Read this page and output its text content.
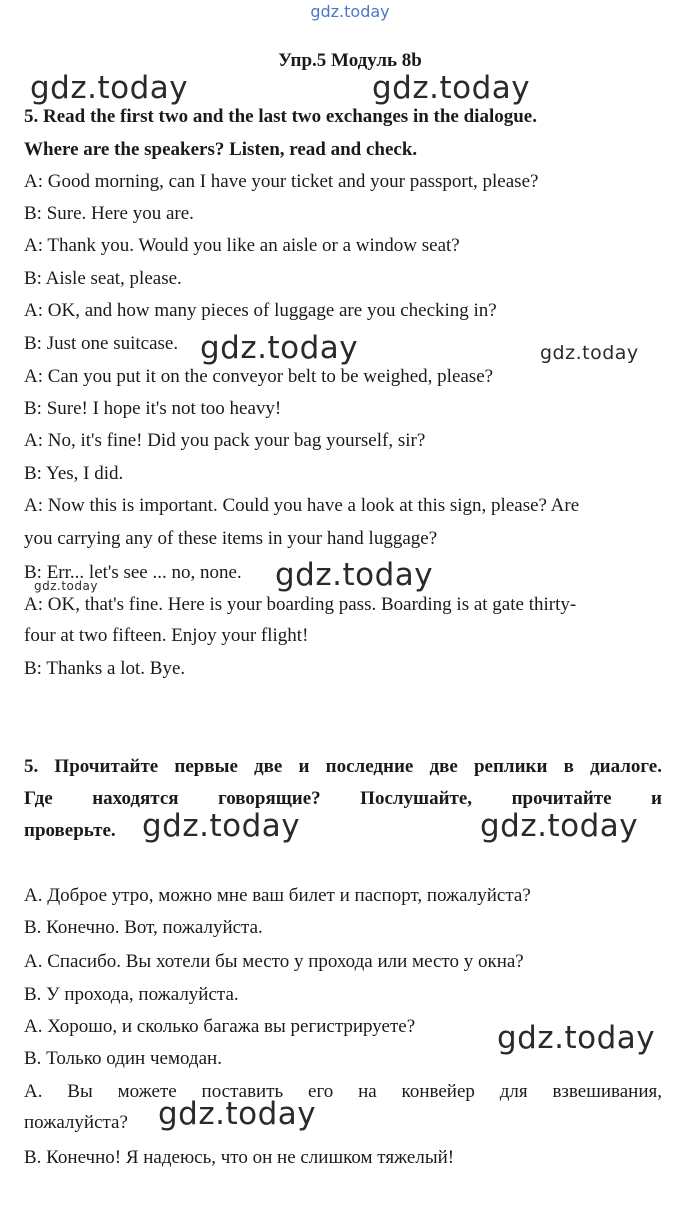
gdz.today
Упр.5 Модуль 8b
5. Read the first two and the last two exchanges in the dialogue.
Where are the speakers? Listen, read and check.
A: Good morning, can I have your ticket and your passport, please?
B: Sure. Here you are.
A: Thank you. Would you like an aisle or a window seat?
B: Aisle seat, please.
A: OK, and how many pieces of luggage are you checking in?
B: Just one suitcase.
A: Can you put it on the conveyor belt to be weighed, please?
B: Sure! I hope it's not too heavy!
A: No, it's fine! Did you pack your bag yourself, sir?
B: Yes, I did.
A: Now this is important. Could you have a look at this sign, please? Are
you carrying any of these items in your hand luggage?
B: Err... let's see ... no, none.
A: OK, that's fine. Here is your boarding pass. Boarding is at gate thirty-
four at two fifteen. Enjoy your flight!
B: Thanks a lot. Bye.
5. Прочитайте первые две и последние две реплики в диалоге.
Где находятся говорящие? Послушайте, прочитайте и
проверьте.
А. Доброе утро, можно мне ваш билет и паспорт, пожалуйста?
В. Конечно. Вот, пожалуйста.
А. Спасибо. Вы хотели бы место у прохода или место у окна?
В. У прохода, пожалуйста.
А. Хорошо, и сколько багажа вы регистрируете?
В. Только один чемодан.
А. Вы можете поставить его на конвейер для взвешивания,
пожалуйста?
В. Конечно! Я надеюсь, что он не слишком тяжелый!
gdz.today	gdz.today
gdz.today	gdz.today
gdz.today
gdz.today
gdz.today	gdz.today
gdz.today
gdz.today
